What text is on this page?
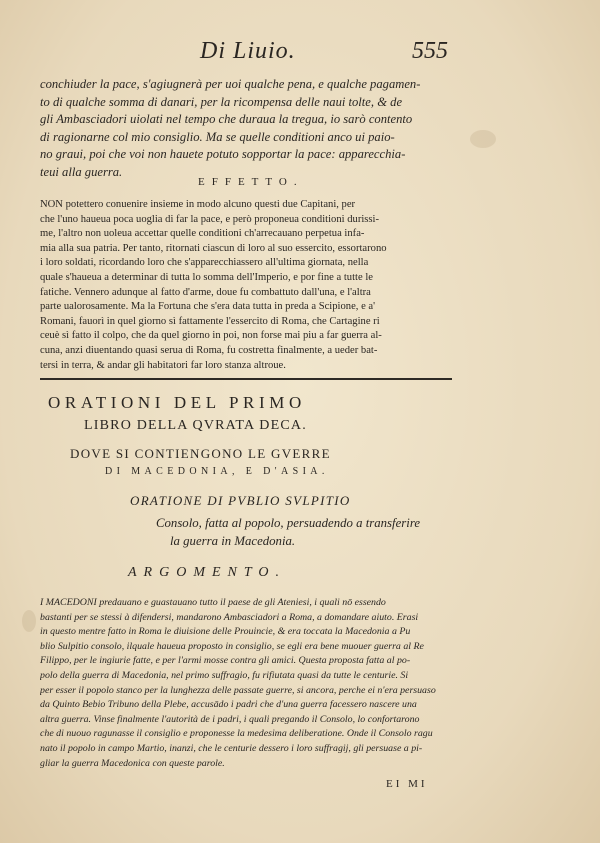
Di Liuio.	555
conchiuder la pace, s'agiugnerà per uoi qualche pena, e qualche pagamen-
to di qualche somma di danari, per la ricompensa delle naui tolte, & de
gli Ambasciadori uiolati nel tempo che duraua la tregua, io sarò contento
di ragionarne col mio consiglio. Ma se quelle conditioni anco ui paio-
no graui, poi che voi non hauete potuto sopportar la pace: apparecchia-
teui alla guerra.
EFFETTO.
NON potettero conuenire insieme in modo alcuno questi due Capitani, per
che l'uno haueua poca uoglia di far la pace, e però proponeua conditioni durissi-
me, l'altro non uoleua accettar quelle conditioni ch'arrecauano perpetua infa-
mia alla sua patria. Per tanto, ritornati ciascun di loro al suo essercito, essortarono
i loro soldati, ricordando loro che s'apparecchiassero all'ultima giornata, nella
quale s'haueua a determinar di tutta lo somma dell'Imperio, e por fine a tutte le
fatiche. Vennero adunque al fatto d'arme, doue fu combattuto dall'una, e l'altra
parte ualorosamente. Ma la Fortuna che s'era data tutta in preda a Scipione, e a'
Romani, fauorì in quel giorno sì fattamente l'essercito di Roma, che Cartagine ri
ceuè sì fatto il colpo, che da quel giorno in poi, non forse mai piu a far guerra al-
cuna, anzi diuentando quasi serua di Roma, fu costretta finalmente, a ueder bat-
tersi in terra, & andar gli habitatori far loro stanza altroue.
ORATIONI DEL PRIMO
LIBRO DELLA QVRATA DECA.
DOVE SI CONTIENGONO LE GVERRE
DI MACEDONIA, E D'ASIA.
ORATIONE DI PVBLIO SVLPITIO
Consolo, fatta al popolo, persuadendo a transferire
la guerra in Macedonia.
ARGOMENTO.
I MACEDONI predauano e guastauano tutto il paese de gli Ateniesi, i quali nō essendo
bastanti per se stessi à difendersi, mandarono Ambasciadori a Roma, a domandare aiuto. Erasi
in questo mentre fatto in Roma le diuisione delle Prouincie, & era toccata la Macedonia a Pu
blio Sulpitio consolo, ilquale haueua proposto in consiglio, se egli era bene muouer guerra al Re
Filippo, per le ingiurie fatte, e per l'armi mosse contra gli amici. Questa proposta fatta al po-
polo della guerra di Macedonia, nel primo suffragio, fu rifiutata quasi da tutte le centurie. Si
per esser il popolo stanco per la lunghezza delle passate guerre, si ancora, perche ei n'era persuaso
da Quinto Bebio Tribuno della Plebe, accusādo i padri che d'una guerra facessero nascere una
altra guerra. Vinse finalmente l'autorità de i padri, i quali pregando il Consolo, lo confortarono
che di nuouo ragunasse il consiglio e proponesse la medesima deliberatione. Onde il Consolo ragu
nato il popolo in campo Martio, inanzi, che le centurie dessero i loro suffragij, gli persuase a pi-
gliar la guerra Macedonica con queste parole.
EI MI
